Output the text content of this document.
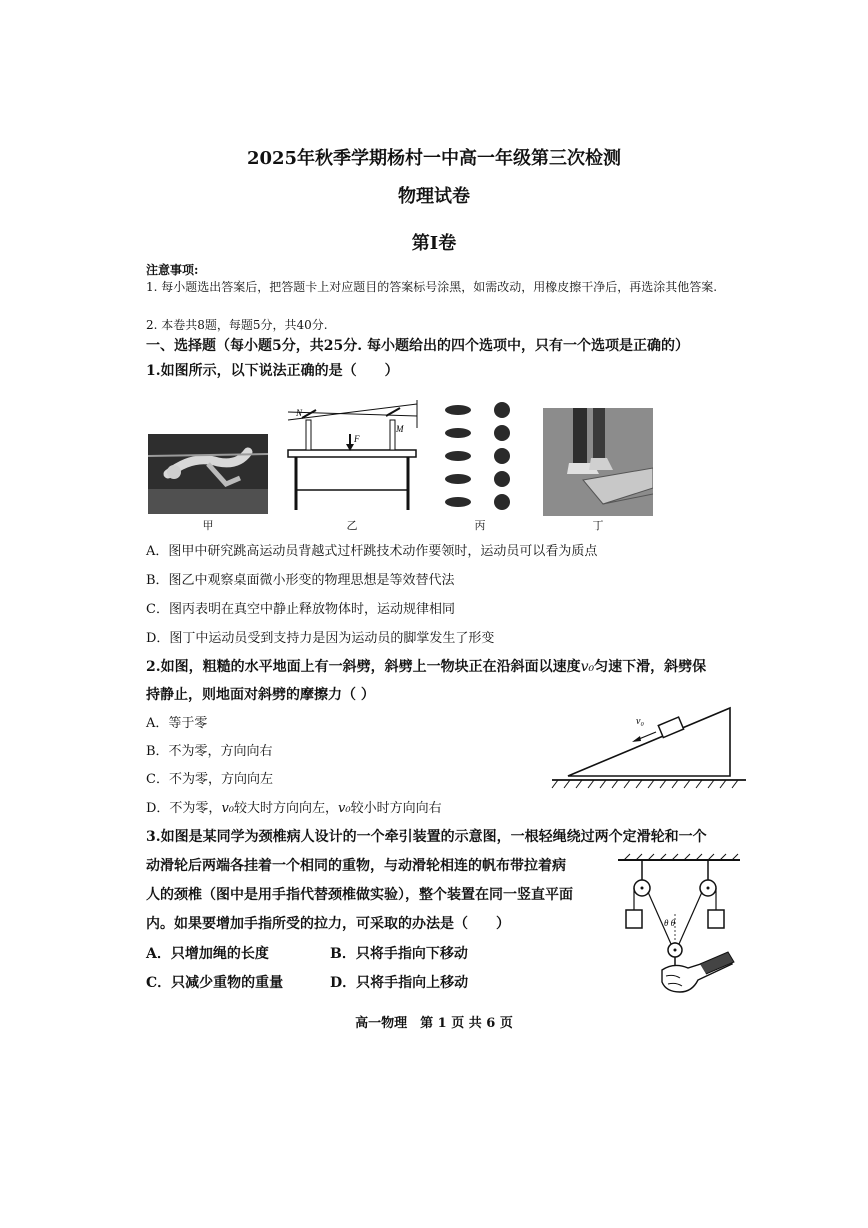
2025年秋季学期杨村一中高一年级第三次检测
物理试卷
第Ⅰ卷
注意事项:
1. 每小题选出答案后，把答题卡上对应题目的答案标号涂黑，如需改动，用橡皮擦干净后，再选涂其他答案.
2. 本卷共8题，每题5分，共40分.
一、选择题（每小题5分，共25分. 每小题给出的四个选项中，只有一个选项是正确的）
1.如图所示，以下说法正确的是（　　）
甲
N
M
F
乙	丙	丁
A．图甲中研究跳高运动员背越式过杆跳技术动作要领时，运动员可以看为质点
B．图乙中观察桌面微小形变的物理思想是等效替代法
C．图丙表明在真空中静止释放物体时，运动规律相同
D．图丁中运动员受到支持力是因为运动员的脚掌发生了形变
2.如图，粗糙的水平地面上有一斜劈，斜劈上一物块正在沿斜面以速度v₀匀速下滑，斜劈保
持静止，则地面对斜劈的摩擦力（ ）
A．等于零
B．不为零，方向向右
C．不为零，方向向左
D．不为零，v₀较大时方向向左，v₀较小时方向向右
v₀
3.如图是某同学为颈椎病人设计的一个牵引装置的示意图，一根轻绳绕过两个定滑轮和一个
动滑轮后两端各挂着一个相同的重物，与动滑轮相连的帆布带拉着病
人的颈椎（图中是用手指代替颈椎做实验），整个装置在同一竖直平面
内。如果要增加手指所受的拉力，可采取的办法是（　　）
A．只增加绳的长度	B．只将手指向下移动
C．只减少重物的重量	D．只将手指向上移动
θ θ
高一物理　第 1 页 共 6 页
